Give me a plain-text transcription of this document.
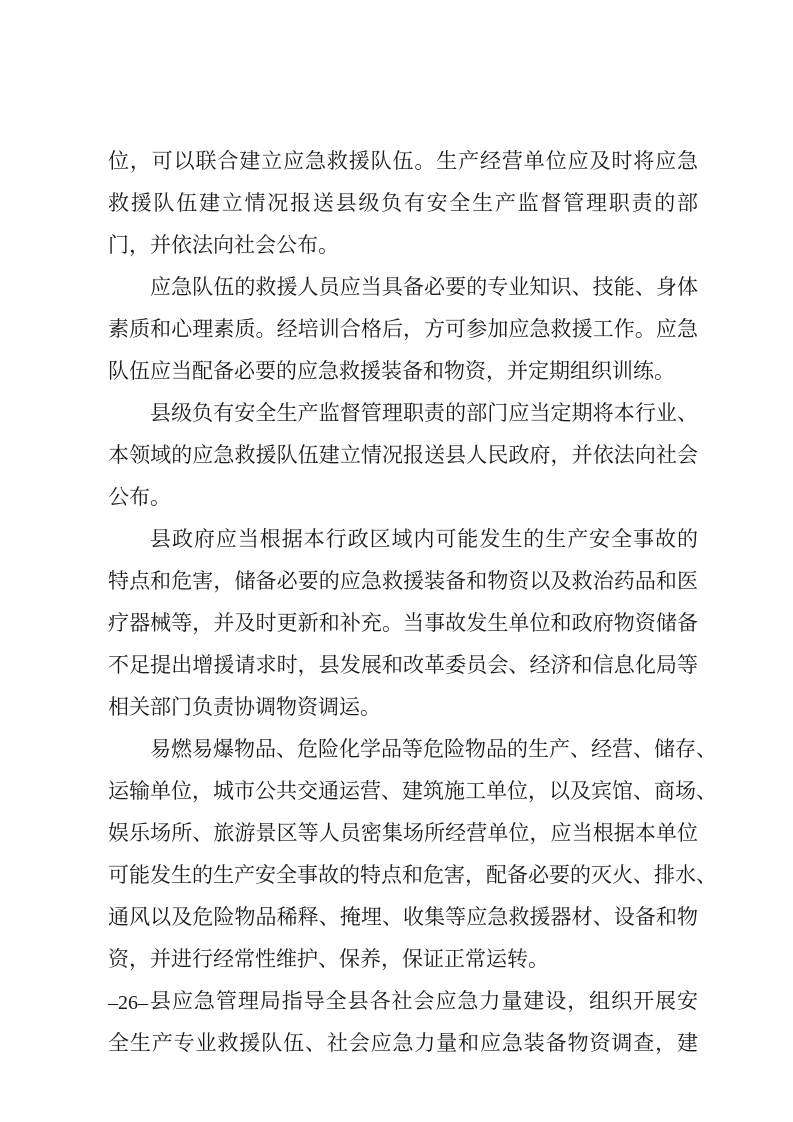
位，可以联合建立应急救援队伍。生产经营单位应及时将应急
救援队伍建立情况报送县级负有安全生产监督管理职责的部
门，并依法向社会公布。
应急队伍的救援人员应当具备必要的专业知识、技能、身体
素质和心理素质。经培训合格后，方可参加应急救援工作。应急
队伍应当配备必要的应急救援装备和物资，并定期组织训练。
县级负有安全生产监督管理职责的部门应当定期将本行业、
本领域的应急救援队伍建立情况报送县人民政府，并依法向社会
公布。
县政府应当根据本行政区域内可能发生的生产安全事故的
特点和危害，储备必要的应急救援装备和物资以及救治药品和医
疗器械等，并及时更新和补充。当事故发生单位和政府物资储备
不足提出增援请求时，县发展和改革委员会、经济和信息化局等
相关部门负责协调物资调运。
易燃易爆物品、危险化学品等危险物品的生产、经营、储存、
运输单位，城市公共交通运营、建筑施工单位，以及宾馆、商场、
娱乐场所、旅游景区等人员密集场所经营单位，应当根据本单位
可能发生的生产安全事故的特点和危害，配备必要的灭火、排水、
通风以及危险物品稀释、掩埋、收集等应急救援器材、设备和物
资，并进行经常性维护、保养，保证正常运转。
县应急管理局指导全县各社会应急力量建设，组织开展安
全生产专业救援队伍、社会应急力量和应急装备物资调查，建
–26–
